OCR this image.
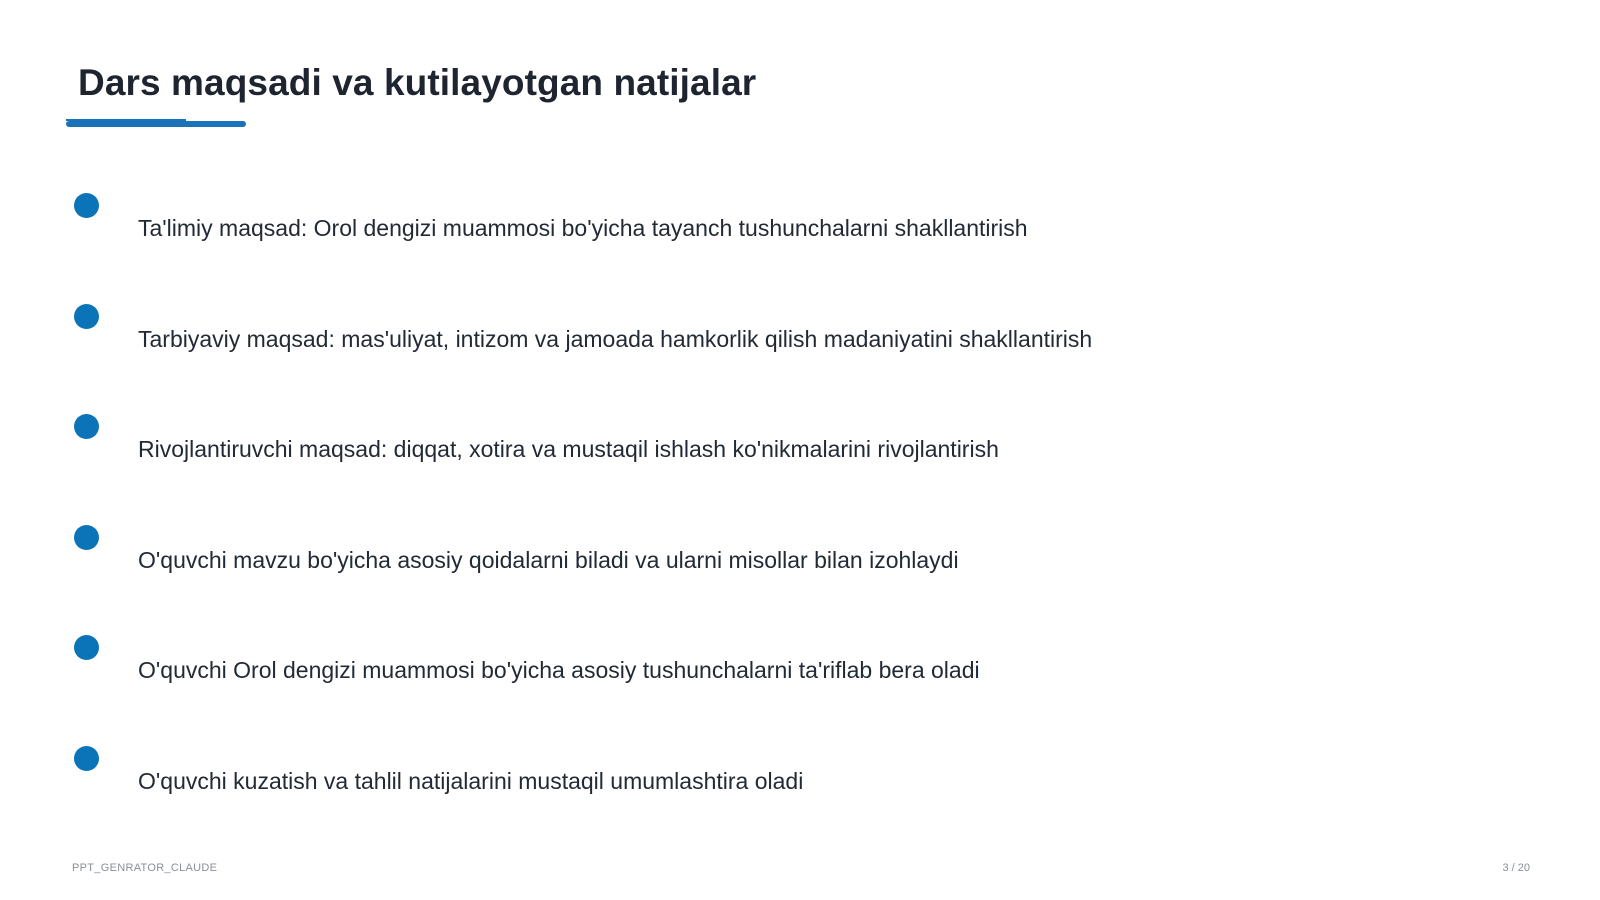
Dars maqsadi va kutilayotgan natijalar
Ta'limiy maqsad: Orol dengizi muammosi bo'yicha tayanch tushunchalarni shakllantirish
Tarbiyaviy maqsad: mas'uliyat, intizom va jamoada hamkorlik qilish madaniyatini shakllantirish
Rivojlantiruvchi maqsad: diqqat, xotira va mustaqil ishlash ko'nikmalarini rivojlantirish
O'quvchi mavzu bo'yicha asosiy qoidalarni biladi va ularni misollar bilan izohlaydi
O'quvchi Orol dengizi muammosi bo'yicha asosiy tushunchalarni ta'riflab bera oladi
O'quvchi kuzatish va tahlil natijalarini mustaqil umumlashtira oladi
PPT_GENRATOR_CLAUDE	3 / 20
